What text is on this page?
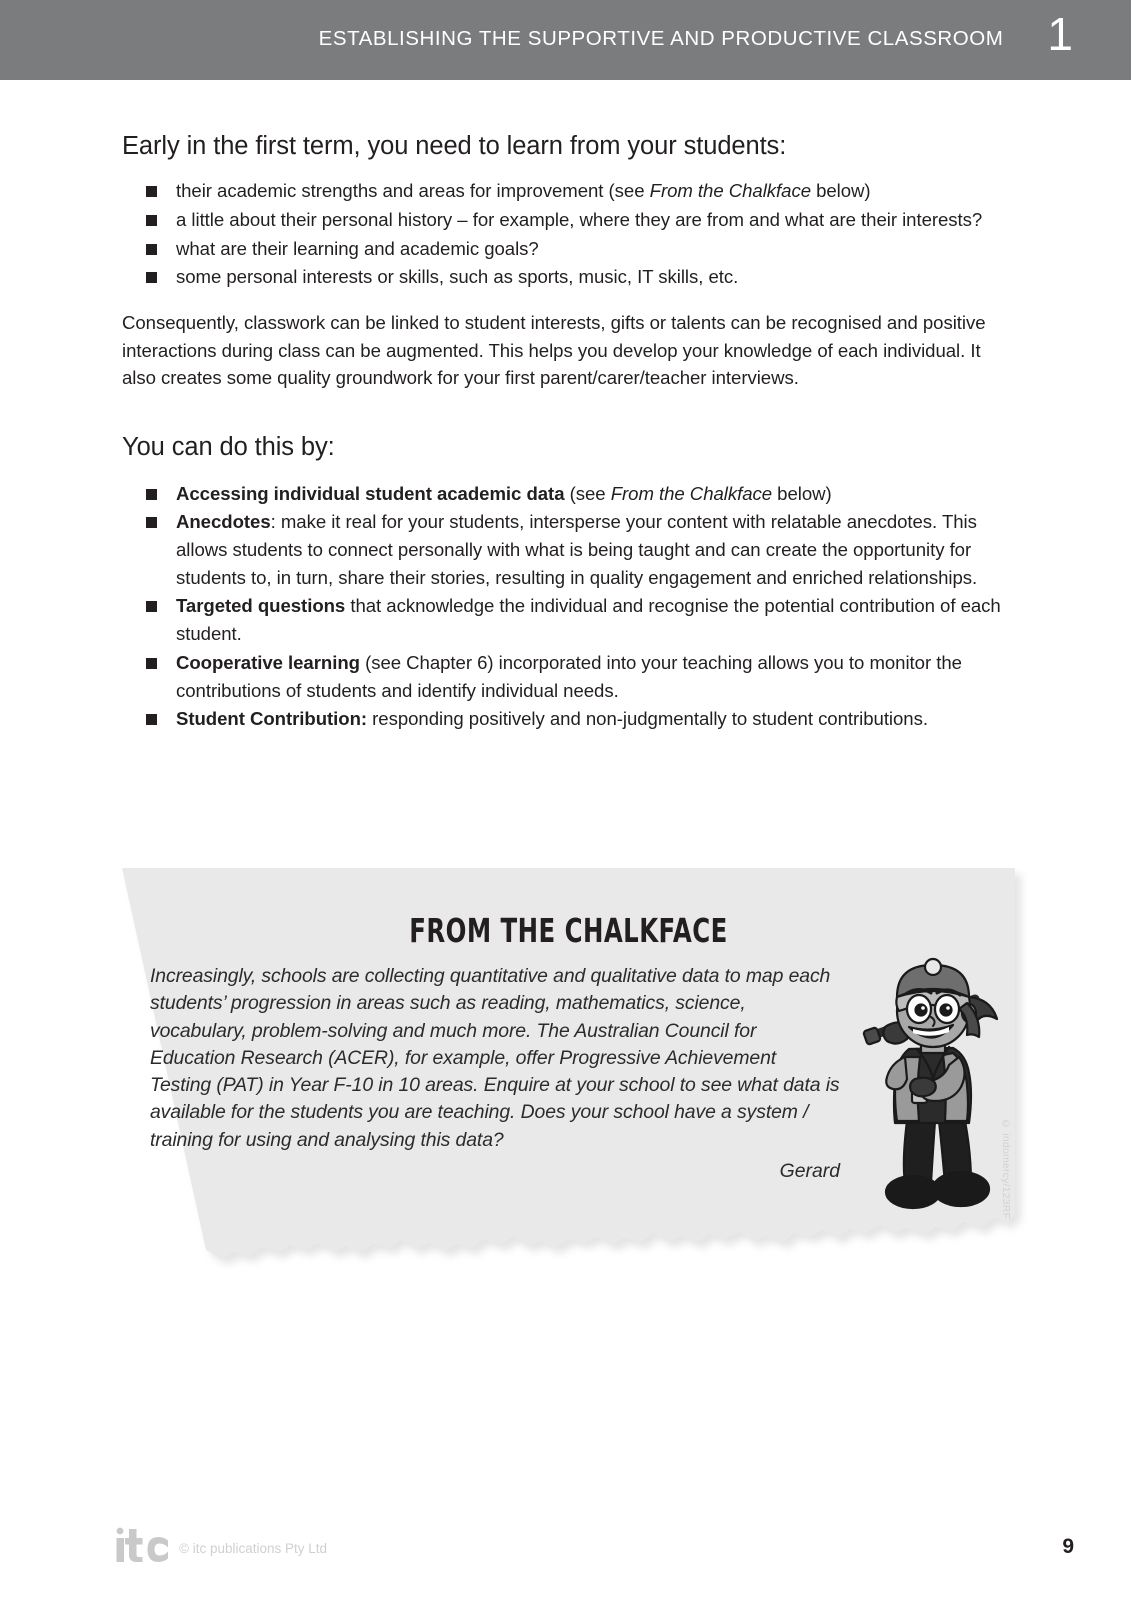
ESTABLISHING THE SUPPORTIVE AND PRODUCTIVE CLASSROOM 1
Early in the first term, you need to learn from your students:
their academic strengths and areas for improvement (see From the Chalkface below)
a little about their personal history – for example, where they are from and what are their interests?
what are their learning and academic goals?
some personal interests or skills, such as sports, music, IT skills, etc.

Consequently, classwork can be linked to student interests, gifts or talents can be recognised and positive interactions during class can be augmented. This helps you develop your knowledge of each individual. It also creates some quality groundwork for your first parent/carer/teacher interviews.

You can do this by:
Accessing individual student academic data (see From the Chalkface below)
Anecdotes: make it real for your students, intersperse your content with relatable anecdotes. This allows students to connect personally with what is being taught and can create the opportunity for students to, in turn, share their stories, resulting in quality engagement and enriched relationships.
Targeted questions that acknowledge the individual and recognise the potential contribution of each student.
Cooperative learning (see Chapter 6) incorporated into your teaching allows you to monitor the contributions of students and identify individual needs.
Student Contribution: responding positively and non-judgmentally to student contributions.
FROM THE CHALKFACE
Increasingly, schools are collecting quantitative and qualitative data to map each students’ progression in areas such as reading, mathematics, science, vocabulary, problem-solving and much more. The Australian Council for Education Research (ACER), for example, offer Progressive Achievement Testing (PAT) in Year F-10 in 10 areas. Enquire at your school to see what data is available for the students you are teaching. Does your school have a system / training for using and analysing this data?
Gerard	© indomercy/123RF
© itc publications Pty Ltd	9
